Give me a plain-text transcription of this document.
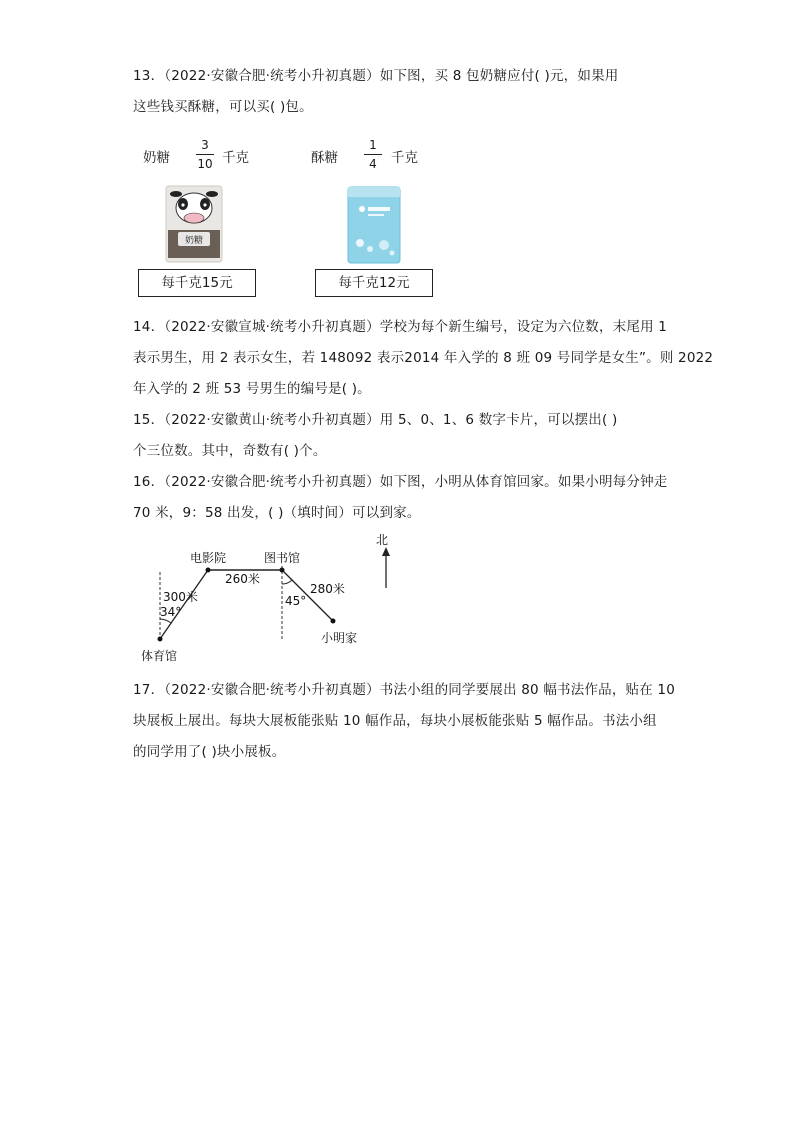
13．（2022·安徽合肥·统考小升初真题）如下图，买 8 包奶糖应付( )元，如果用
这些钱买酥糖，可以买( )包。
奶糖
3
10 千克	酥糖
1
4	千克
奶糖
每千克15元	每千克12元
14．（2022·安徽宣城·统考小升初真题）学校为每个新生编号，设定为六位数，末尾用 1
表示男生，用 2 表示女生，若 148092 表示2014 年入学的 8 班 09 号同学是女生”。则 2022
年入学的 2 班 53 号男生的编号是( )。
15．（2022·安徽黄山·统考小升初真题）用 5、0、1、6 数字卡片，可以摆出( )
个三位数。其中，奇数有( )个。
16．（2022·安徽合肥·统考小升初真题）如下图，小明从体育馆回家。如果小明每分钟走
70 米，9：58 出发，( )（填时间）可以到家。
北
电影院	图书馆
260米
300米
34°
45°
280米
小明家
体育馆
17．（2022·安徽合肥·统考小升初真题）书法小组的同学要展出 80 幅书法作品，贴在 10
块展板上展出。每块大展板能张贴 10 幅作品，每块小展板能张贴 5 幅作品。书法小组
的同学用了( )块小展板。
